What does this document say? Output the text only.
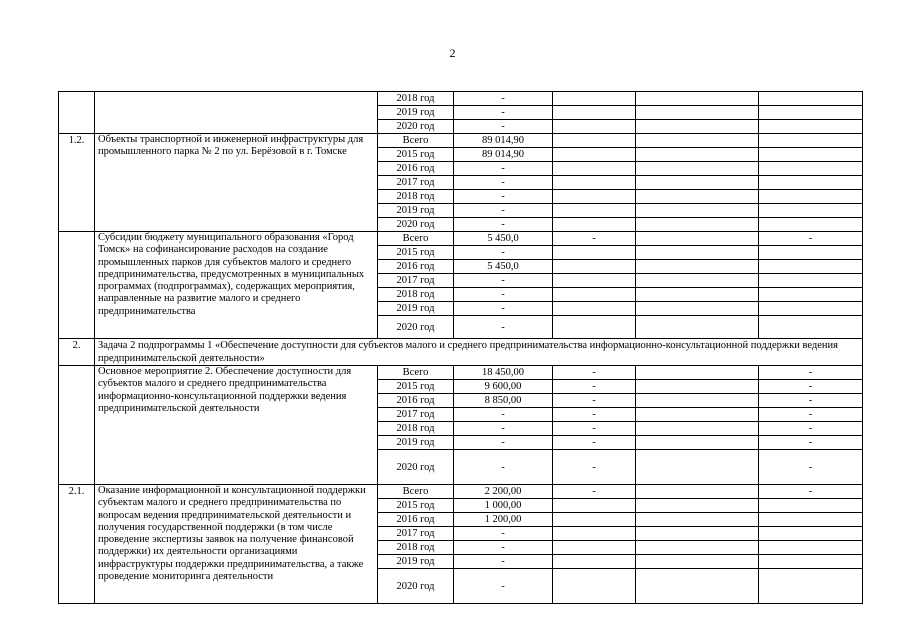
2
		2018 год	-				
		2019 год	-				
		2020 год	-				
1.2.	Объекты транспортной и инженерной инфраструктуры для промышленного парка № 2 по ул. Берёзовой в г. Томске	Всего	89 014,90				
		2015 год	89 014,90				
		2016 год	-				
		2017 год	-				
		2018 год	-				
		2019 год	-				
		2020 год	-				
	Субсидии бюджету муниципального образования «Город Томск» на софинансирование расходов на создание промышленных парков для субъектов малого и среднего предпринимательства, предусмотренных в муниципальных программах (подпрограммах), содержащих мероприятия, направленные на развитие малого и среднего предпринимательства	Всего	5 450,0	-		-	
		2015 год	-				
		2016 год	5 450,0				
		2017 год	-				
		2018 год	-				
		2019 год	-				
		2020 год	-				
2.	Задача 2 подпрограммы 1 «Обеспечение доступности для субъектов малого и среднего предпринимательства информационно-консультационной поддержки ведения предпринимательской деятельности»						
	Основное мероприятие 2. Обеспечение доступности для субъектов малого и среднего предпринимательства информационно-консультационной поддержки ведения предпринимательской деятельности	Всего	18 450,00	-		-	
		2015 год	9 600,00	-		-	
		2016 год	8 850,00	-		-	
		2017 год	-	-		-	
		2018 год	-	-		-	
		2019 год	-	-		-	
		2020 год	-	-		-	
2.1.	Оказание информационной и консультационной поддержки субъектам малого и среднего предпринимательства по вопросам ведения предпринимательской деятельности и получения государственной поддержки (в том числе проведение экспертизы заявок на получение финансовой поддержки) их деятельности организациями инфраструктуры поддержки предпринимательства, а также проведение мониторинга деятельности	Всего	2 200,00	-		-	
		2015 год	1 000,00				
		2016 год	1 200,00				
		2017 год	-				
		2018 год	-				
		2019 год	-				
		2020 год	-				
